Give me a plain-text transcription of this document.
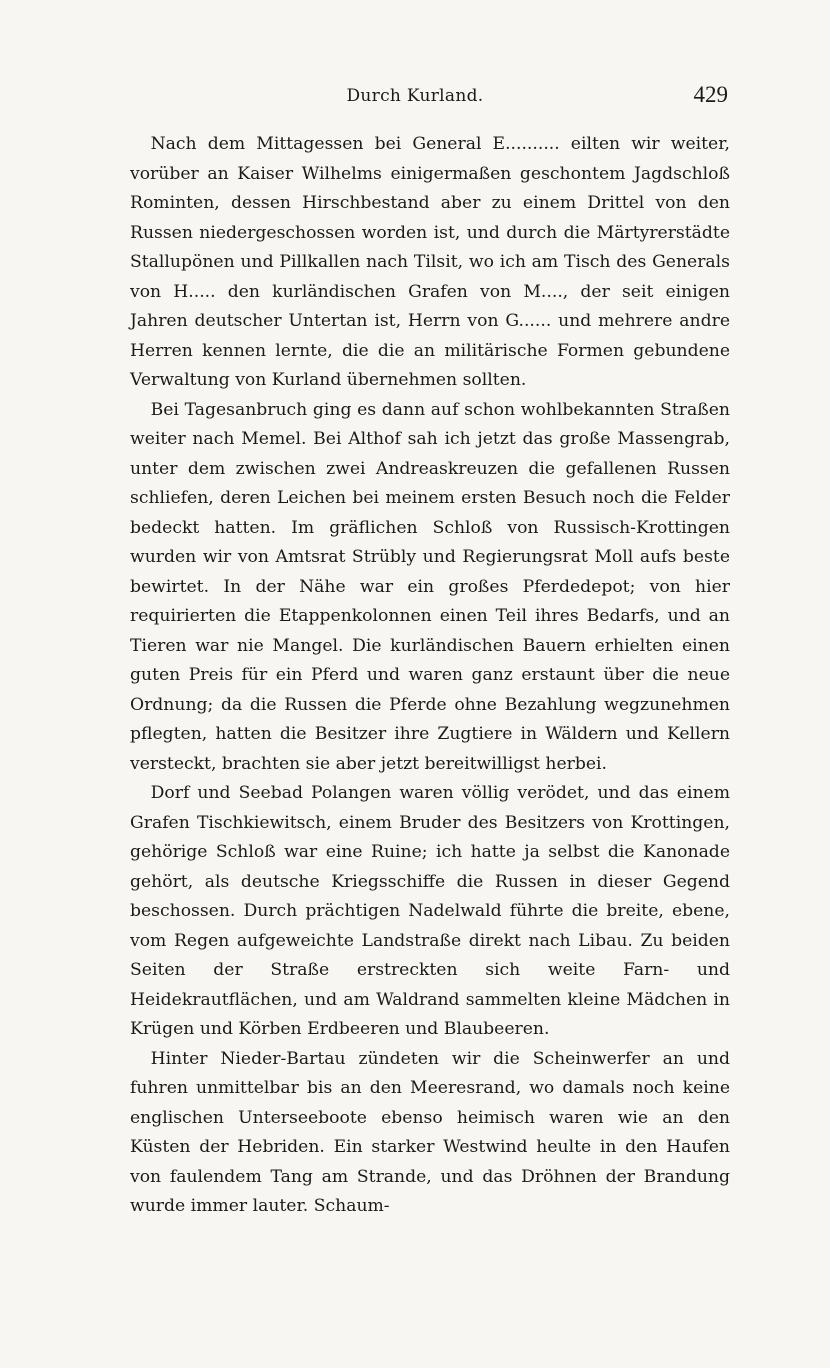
Durch Kurland.	429

Nach dem Mittagessen bei General E.......... eilten wir weiter, vorüber an Kaiser Wilhelms einigermaßen geschontem Jagdschloß Rominten, dessen Hirschbestand aber zu einem Drittel von den Russen niedergeschossen worden ist, und durch die Märtyrerstädte Stallupönen und Pillkallen nach Tilsit, wo ich am Tisch des Generals von H..... den kurländischen Grafen von M...., der seit einigen Jahren deutscher Untertan ist, Herrn von G...... und mehrere andre Herren kennen lernte, die die an militärische Formen gebundene Verwaltung von Kurland übernehmen sollten.

Bei Tagesanbruch ging es dann auf schon wohlbekannten Straßen weiter nach Memel. Bei Althof sah ich jetzt das große Massengrab, unter dem zwischen zwei Andreaskreuzen die gefallenen Russen schliefen, deren Leichen bei meinem ersten Besuch noch die Felder bedeckt hatten. Im gräflichen Schloß von Russisch-Krottingen wurden wir von Amtsrat Strübly und Regierungsrat Moll aufs beste bewirtet. In der Nähe war ein großes Pferdedepot; von hier requirierten die Etappenkolonnen einen Teil ihres Bedarfs, und an Tieren war nie Mangel. Die kurländischen Bauern erhielten einen guten Preis für ein Pferd und waren ganz erstaunt über die neue Ordnung; da die Russen die Pferde ohne Bezahlung wegzunehmen pflegten, hatten die Besitzer ihre Zugtiere in Wäldern und Kellern versteckt, brachten sie aber jetzt bereitwilligst herbei.

Dorf und Seebad Polangen waren völlig verödet, und das einem Grafen Tischkiewitsch, einem Bruder des Besitzers von Krottingen, gehörige Schloß war eine Ruine; ich hatte ja selbst die Kanonade gehört, als deutsche Kriegsschiffe die Russen in dieser Gegend beschossen. Durch prächtigen Nadelwald führte die breite, ebene, vom Regen aufgeweichte Landstraße direkt nach Libau. Zu beiden Seiten der Straße erstreckten sich weite Farn- und Heidekrautflächen, und am Waldrand sammelten kleine Mädchen in Krügen und Körben Erdbeeren und Blaubeeren.

Hinter Nieder-Bartau zündeten wir die Scheinwerfer an und fuhren unmittelbar bis an den Meeresrand, wo damals noch keine englischen Unterseeboote ebenso heimisch waren wie an den Küsten der Hebriden. Ein starker Westwind heulte in den Haufen von faulendem Tang am Strande, und das Dröhnen der Brandung wurde immer lauter. Schaum-
